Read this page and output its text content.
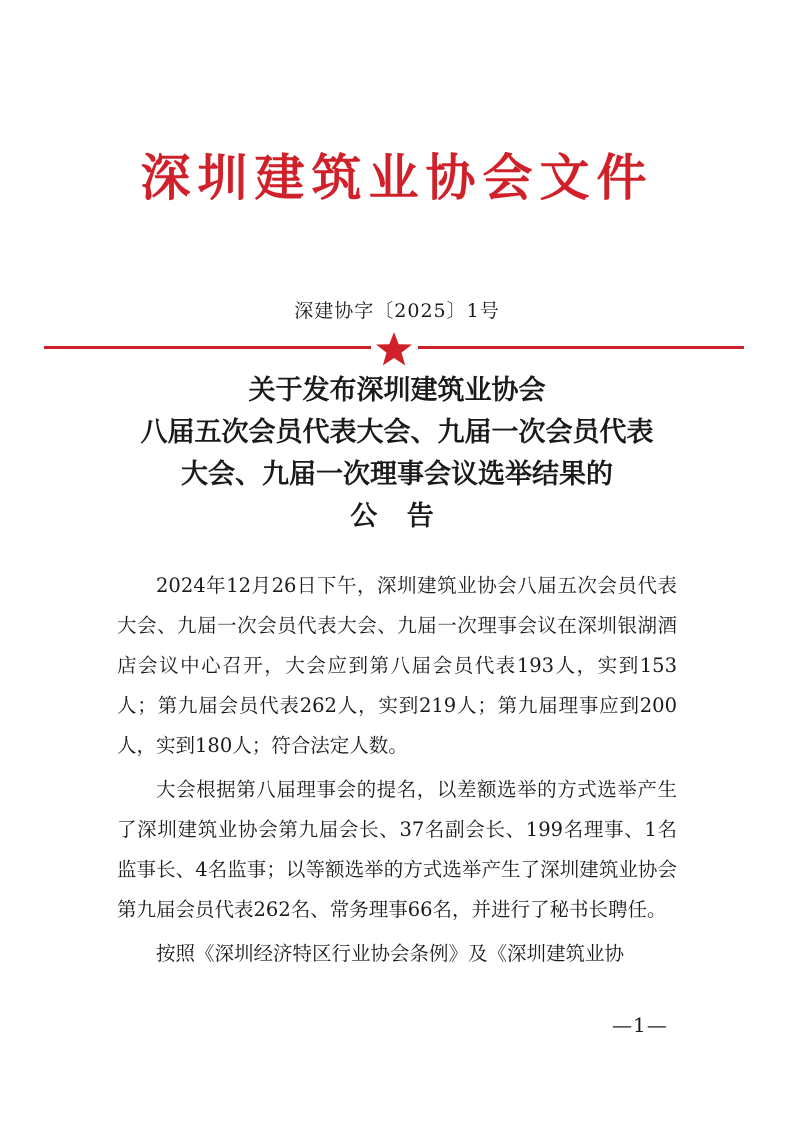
深圳建筑业协会文件
深建协字〔2025〕1号
关于发布深圳建筑业协会
八届五次会员代表大会、九届一次会员代表
大会、九届一次理事会议选举结果的
公 告

2024年12月26日下午，深圳建筑业协会八届五次会员代表大会、九届一次会员代表大会、九届一次理事会议在深圳银湖酒店会议中心召开，大会应到第八届会员代表193人，实到153人；第九届会员代表262人，实到219人；第九届理事应到200人，实到180人；符合法定人数。

大会根据第八届理事会的提名，以差额选举的方式选举产生了深圳建筑业协会第九届会长、37名副会长、199名理事、1名监事长、4名监事；以等额选举的方式选举产生了深圳建筑业协会第九届会员代表262名、常务理事66名，并进行了秘书长聘任。

按照《深圳经济特区行业协会条例》及《深圳建筑业协

—1—
